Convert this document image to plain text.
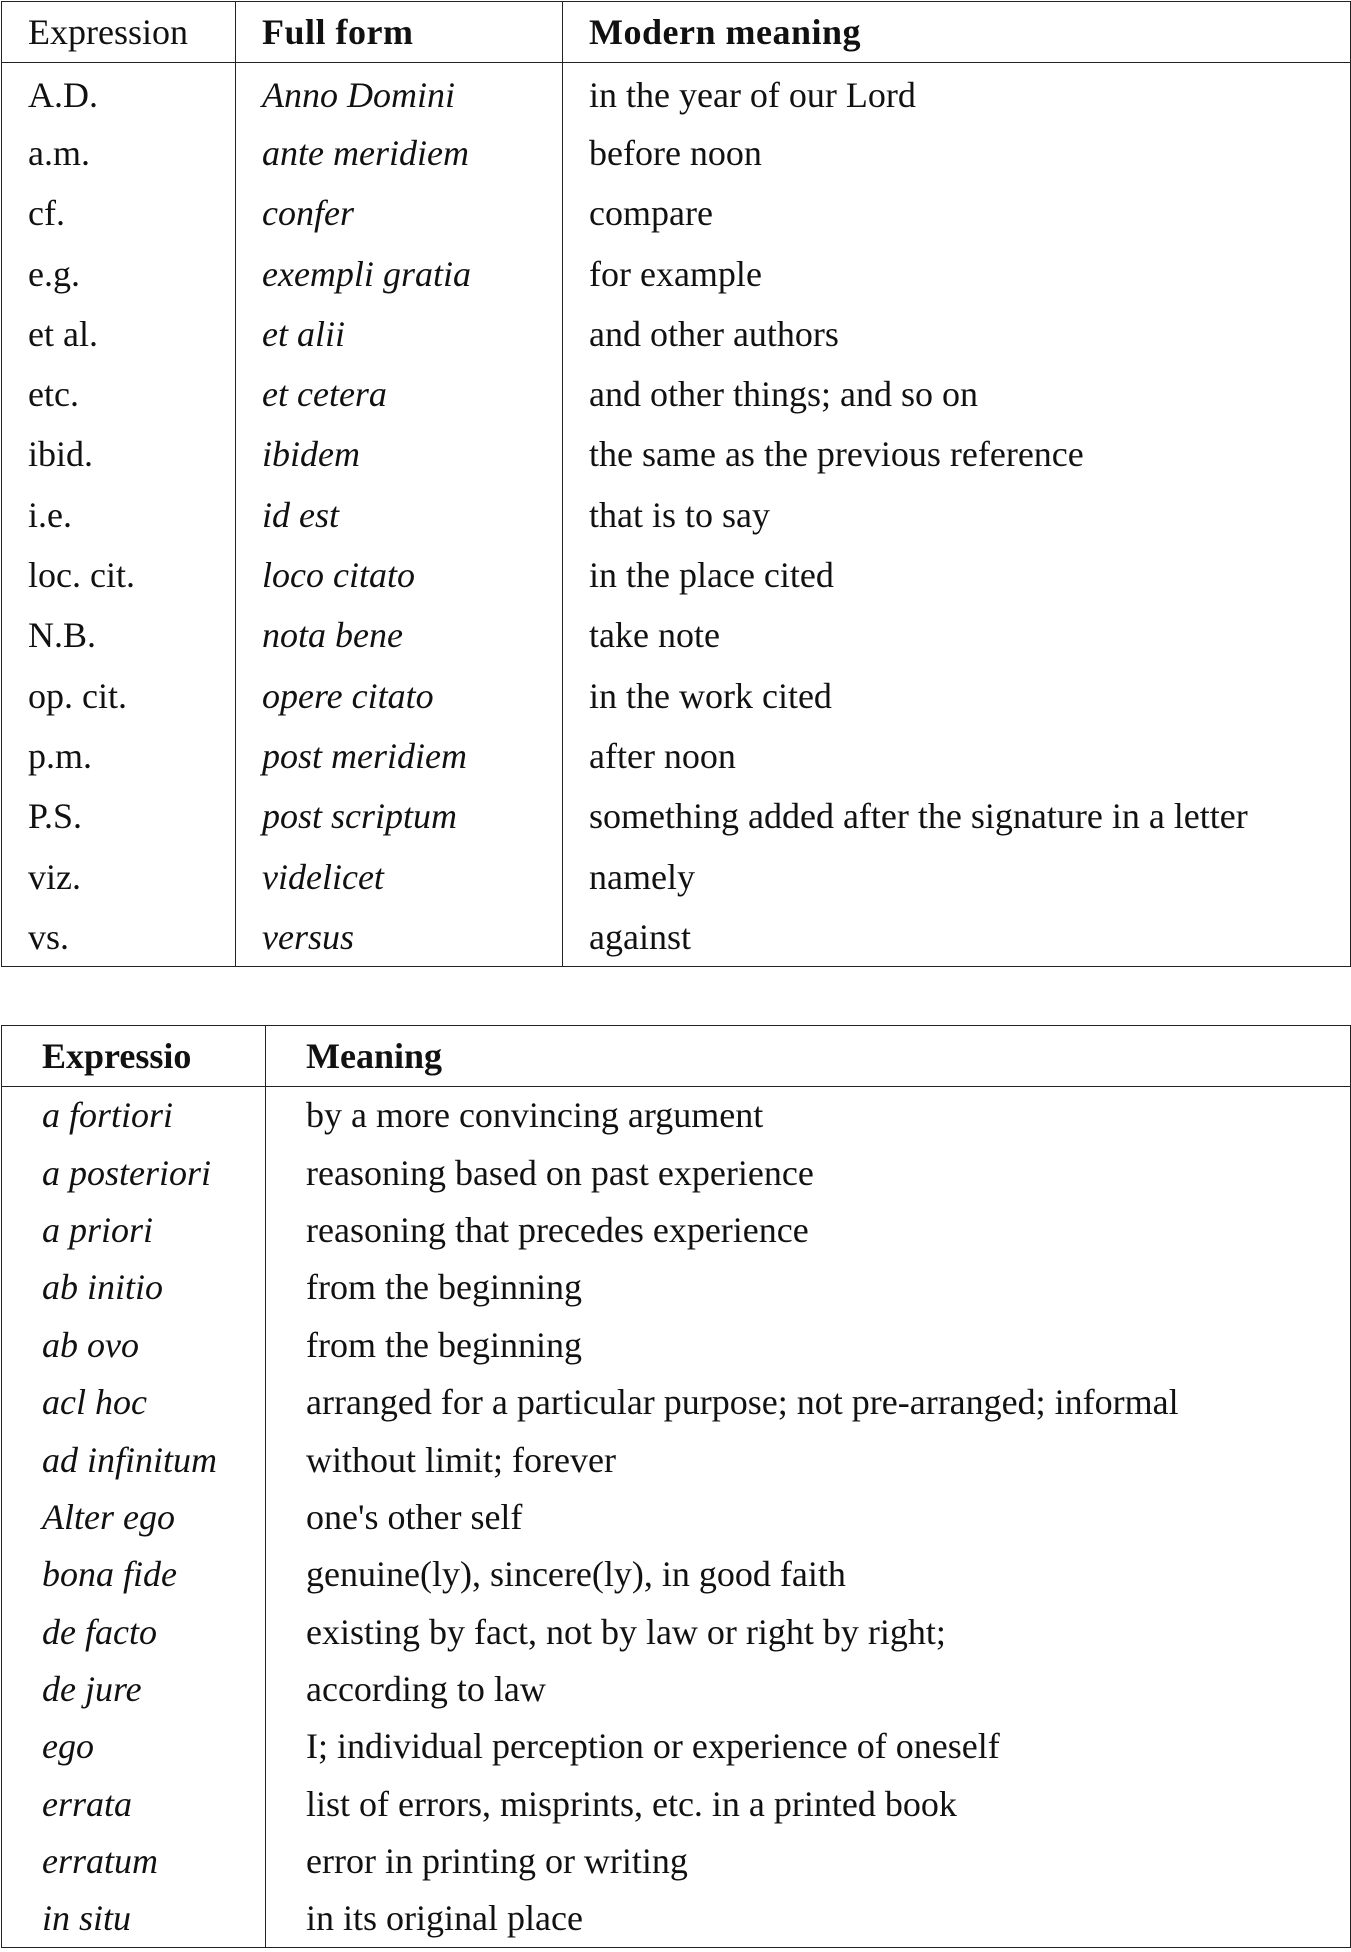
Expression	Full form	Modern meaning
A.D.	Anno Domini	in the year of our Lord
a.m.	ante meridiem	before noon
cf.	confer	compare
e.g.	exempli gratia	for example
et al.	et alii	and other authors
etc.	et cetera	and other things; and so on
ibid.	ibidem	the same as the previous reference
i.e.	id est	that is to say
loc. cit.	loco citato	in the place cited
N.B.	nota bene	take note
op. cit.	opere citato	in the work cited
p.m.	post meridiem	after noon
P.S.	post scriptum	something added after the signature in a letter
viz.	videlicet	namely
vs.	versus	against
Expressio	Meaning
a fortiori	by a more convincing argument
a posteriori	reasoning based on past experience
a priori	reasoning that precedes experience
ab initio	from the beginning
ab ovo	from the beginning
acl hoc	arranged for a particular purpose; not pre-arranged; informal
ad infinitum	without limit; forever
Alter ego	one's other self
bona fide	genuine(ly), sincere(ly), in good faith
de facto	existing by fact, not by law or right by right;
de jure	according to law
ego	I; individual perception or experience of oneself
errata	list of errors, misprints, etc. in a printed book
erratum	error in printing or writing
in situ	in its original place
